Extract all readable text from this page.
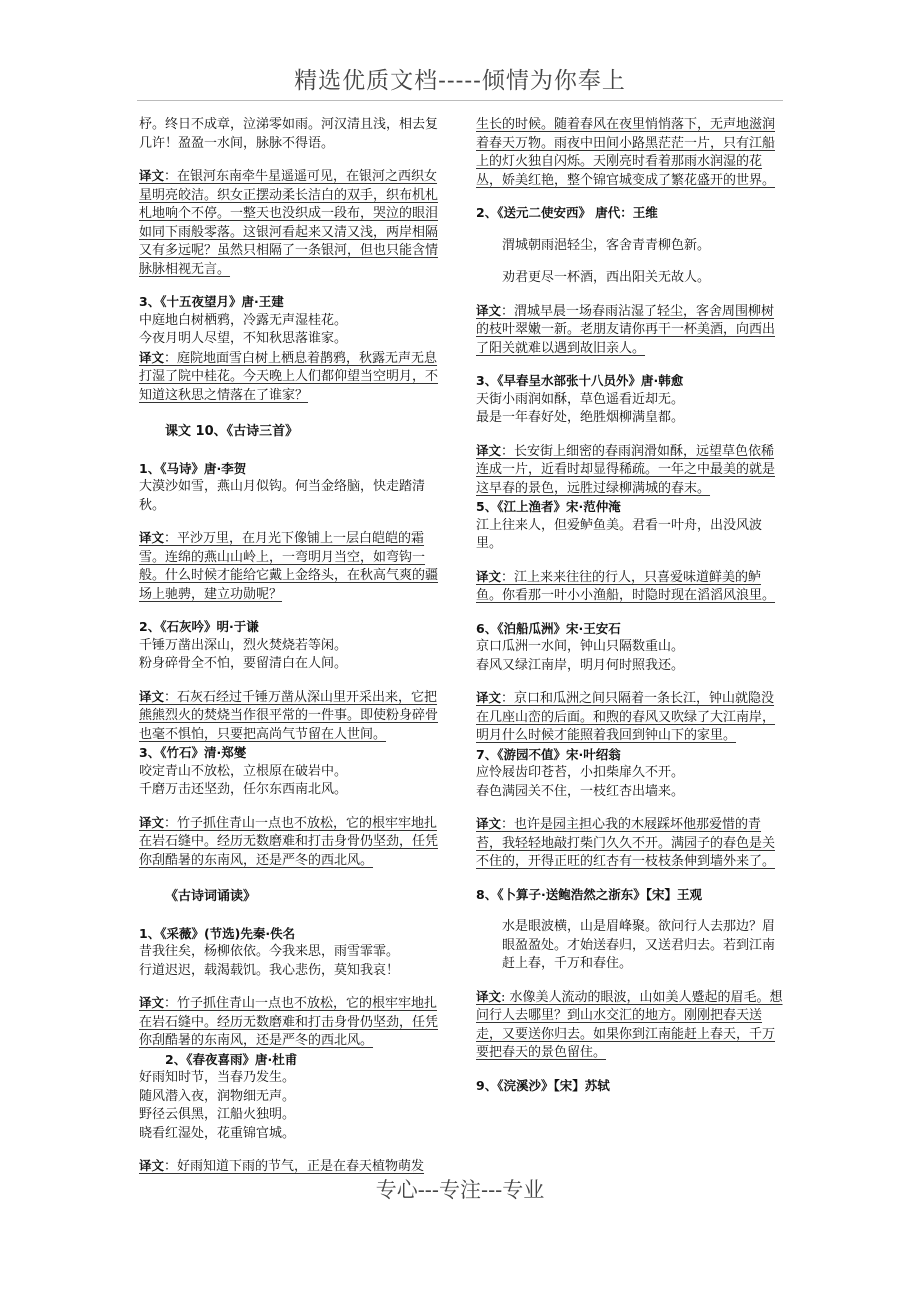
精选优质文档-----倾情为你奉上

杼。终日不成章，泣涕零如雨。河汉清且浅，相去复几许！盈盈一水间，脉脉不得语。

译文：在银河东南牵牛星遥遥可见，在银河之西织女星明亮皎洁。织女正摆动柔长洁白的双手，织布机札札地响个不停。一整天也没织成一段布，哭泣的眼泪如同下雨般零落。这银河看起来又清又浅，两岸相隔又有多远呢？虽然只相隔了一条银河，但也只能含情脉脉相视无言。

3、《十五夜望月》唐·王建

中庭地白树栖鸦，冷露无声湿桂花。

今夜月明人尽望，不知秋思落谁家。

译文：庭院地面雪白树上栖息着鹊鸦，秋露无声无息打湿了院中桂花。今天晚上人们都仰望当空明月，不知道这秋思之情落在了谁家？

课文 10、《古诗三首》

1、《马诗》唐·李贺

大漠沙如雪，燕山月似钩。何当金络脑，快走踏清秋。

译文：平沙万里，在月光下像铺上一层白皑皑的霜雪。连绵的燕山山岭上，一弯明月当空，如弯钩一般。什么时候才能给它戴上金络头，在秋高气爽的疆场上驰骋，建立功勋呢？

2、《石灰吟》明·于谦

千锤万凿出深山，烈火焚烧若等闲。

粉身碎骨全不怕，要留清白在人间。

译文：石灰石经过千锤万凿从深山里开采出来，它把熊熊烈火的焚烧当作很平常的一件事。即使粉身碎骨也毫不惧怕，只要把高尚气节留在人世间。

3、《竹石》清·郑燮

咬定青山不放松，立根原在破岩中。

千磨万击还坚劲，任尔东西南北风。

译文：竹子抓住青山一点也不放松，它的根牢牢地扎在岩石缝中。经历无数磨难和打击身骨仍坚劲，任凭你刮酷暑的东南风，还是严冬的西北风。

《古诗词诵读》

1、《采薇》(节选)先秦·佚名

昔我往矣，杨柳依依。今我来思，雨雪霏霏。

行道迟迟，载渴载饥。我心悲伤，莫知我哀！

译文：竹子抓住青山一点也不放松，它的根牢牢地扎在岩石缝中。经历无数磨难和打击身骨仍坚劲，任凭你刮酷暑的东南风，还是严冬的西北风。

2、《春夜喜雨》唐·杜甫

好雨知时节，当春乃发生。

随风潜入夜，润物细无声。

野径云俱黑，江船火独明。

晓看红湿处，花重锦官城。

译文：好雨知道下雨的节气，正是在春天植物萌发

生长的时候。随着春风在夜里悄悄落下，无声地滋润着春天万物。雨夜中田间小路黑茫茫一片，只有江船上的灯火独自闪烁。天刚亮时看着那雨水润湿的花丛，娇美红艳，整个锦官城变成了繁花盛开的世界。

2、《送元二使安西》 唐代：王维

渭城朝雨浥轻尘，客舍青青柳色新。

劝君更尽一杯酒，西出阳关无故人。

译文：渭城早晨一场春雨沾湿了轻尘，客舍周围柳树的枝叶翠嫩一新。老朋友请你再干一杯美酒，向西出了阳关就难以遇到故旧亲人。

3、《早春呈水部张十八员外》唐·韩愈

天街小雨润如酥，草色遥看近却无。

最是一年春好处，绝胜烟柳满皇都。

译文：长安街上细密的春雨润滑如酥，远望草色依稀连成一片，近看时却显得稀疏。一年之中最美的就是这早春的景色，远胜过绿柳满城的春末。

5、《江上渔者》宋·范仲淹

江上往来人，但爱鲈鱼美。君看一叶舟，出没风波里。

译文：江上来来往往的行人，只喜爱味道鲜美的鲈鱼。你看那一叶小小渔船，时隐时现在滔滔风浪里。

6、《泊船瓜洲》宋·王安石

京口瓜洲一水间，钟山只隔数重山。

春风又绿江南岸，明月何时照我还。

译文：京口和瓜洲之间只隔着一条长江，钟山就隐没在几座山峦的后面。和煦的春风又吹绿了大江南岸，明月什么时候才能照着我回到钟山下的家里。

7、《游园不值》宋·叶绍翁

应怜屐齿印苍苔，小扣柴扉久不开。

春色满园关不住，一枝红杏出墙来。

译文：也许是园主担心我的木屐踩坏他那爱惜的青苔，我轻轻地敲打柴门久久不开。满园子的春色是关不住的，开得正旺的红杏有一枝枝条伸到墙外来了。

8、《卜算子·送鲍浩然之浙东》【宋】王观

水是眼波横，山是眉峰聚。欲问行人去那边？眉眼盈盈处。才始送春归，又送君归去。若到江南赶上春，千万和春住。

译文: 水像美人流动的眼波，山如美人蹙起的眉毛。想问行人去哪里？到山水交汇的地方。刚刚把春天送走，又要送你归去。如果你到江南能赶上春天，千万要把春天的景色留住。

9、《浣溪沙》【宋】苏轼

专心---专注---专业
